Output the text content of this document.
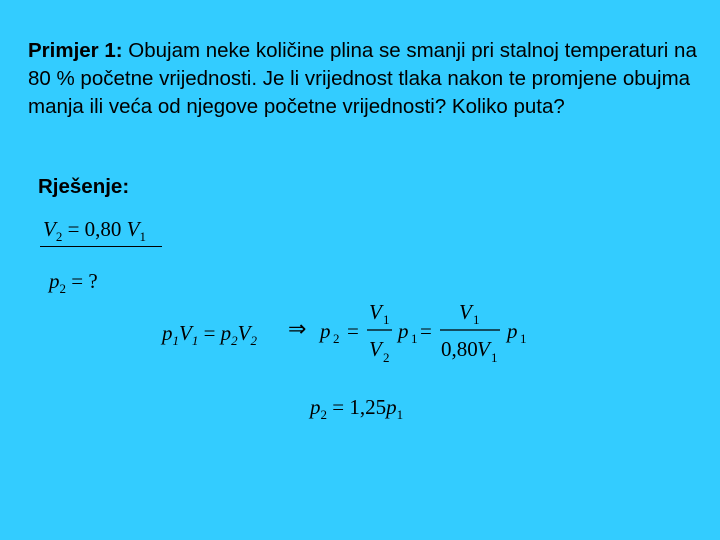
Primjer 1: Obujam neke količine plina se smanji pri stalnoj temperaturi na 80 % početne vrijednosti. Je li vrijednost tlaka nakon te promjene obujma manja ili veća od njegove početne vrijednosti? Koliko puta?

Rješenje:

$V_2 = 0,80$ $V_1$
$p_2$ = ?
$p_1V_1 = p_2V_2$ ⇒ p 2 =
V 1
V 2
p 1 =
V 1
0,80 V 1
p 1
$p_2 = 1,25p_1$
